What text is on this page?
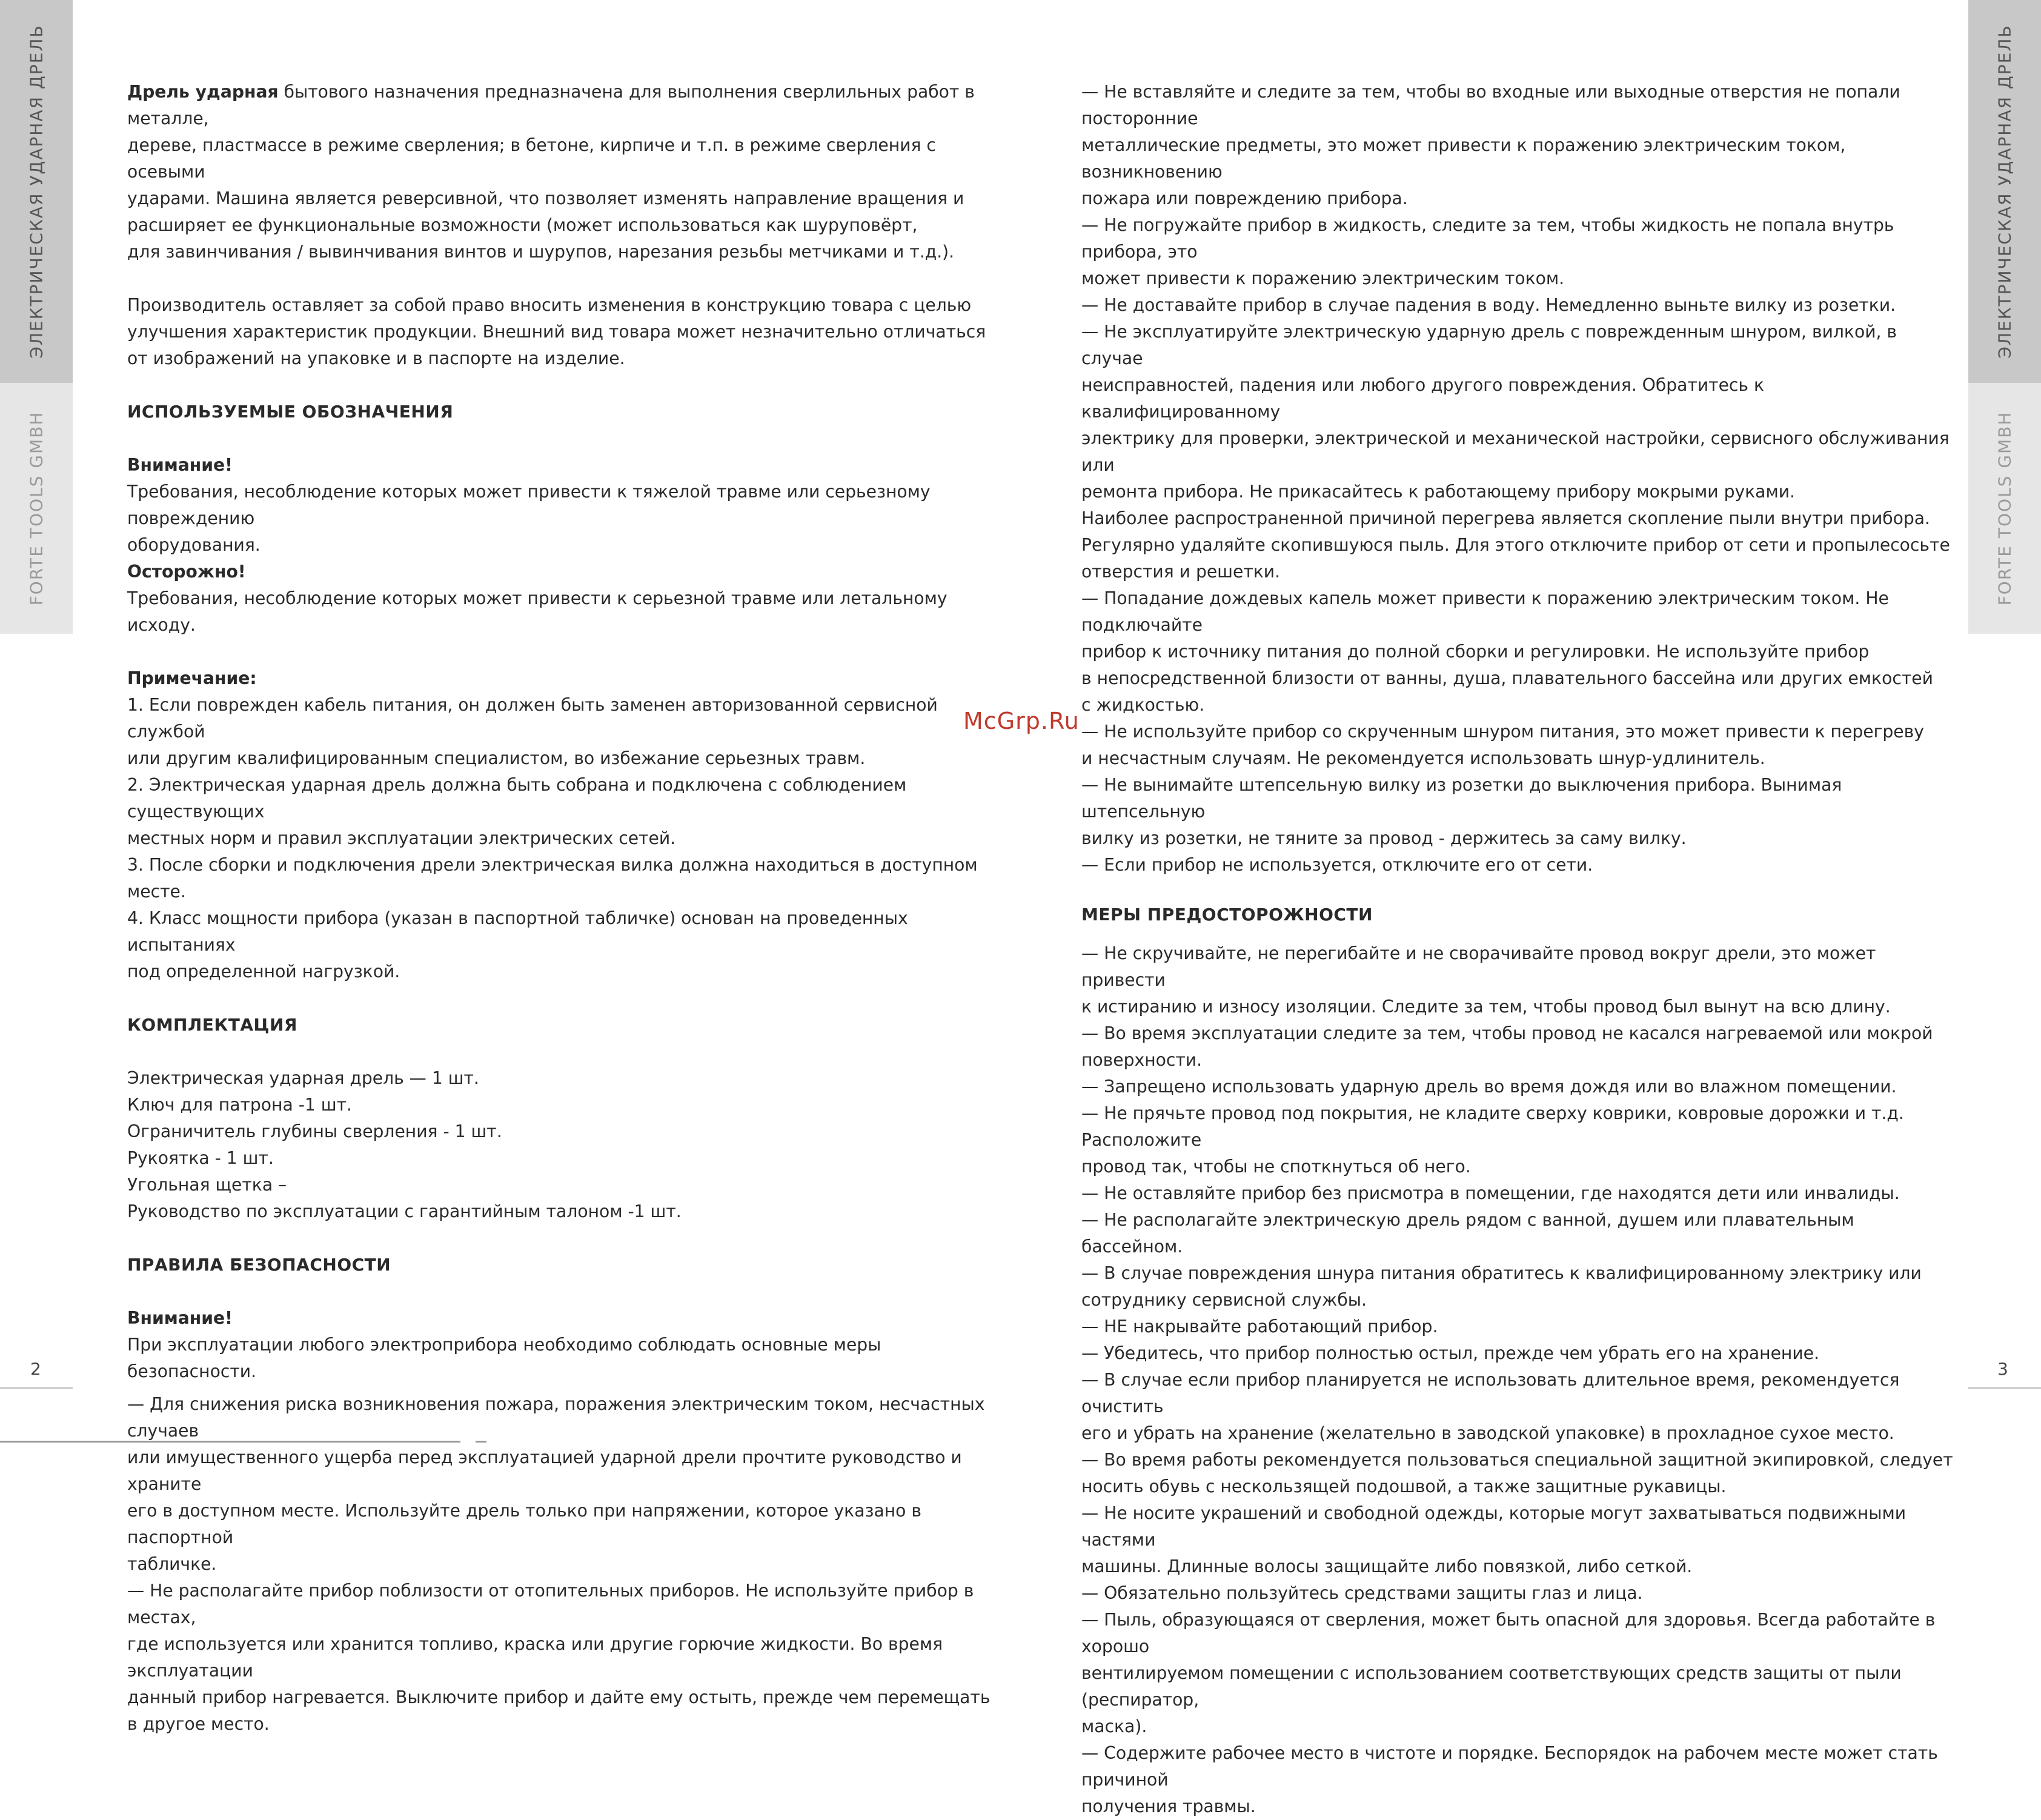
ЭЛЕКТРИЧЕСКАЯ УДАРНАЯ ДРЕЛЬ
FORTE TOOLS GMBH
ЭЛЕКТРИЧЕСКАЯ УДАРНАЯ ДРЕЛЬ
FORTE TOOLS GMBH

Дрель ударная бытового назначения предназначена для выполнения сверлильных работ в металле,

дереве, пластмассе в режиме сверления; в бетоне, кирпиче и т.п. в режиме сверления с осевыми

ударами. Машина является реверсивной, что позволяет изменять направление вращения и

расширяет ее функциональные возможности (может использоваться как шуруповёрт,

для завинчивания / вывинчивания винтов и шурупов, нарезания резьбы метчиками и т.д.).

Производитель оставляет за собой право вносить изменения в конструкцию товара с целью

улучшения характеристик продукции. Внешний вид товара может незначительно отличаться

от изображений на упаковке и в паспорте на изделие.

ИСПОЛЬЗУЕМЫЕ ОБОЗНАЧЕНИЯ

Внимание!

Требования, несоблюдение которых может привести к тяжелой травме или серьезному повреждению

оборудования.

Осторожно!

Требования, несоблюдение которых может привести к серьезной травме или летальному исходу.

Примечание:

1. Если поврежден кабель питания, он должен быть заменен авторизованной сервисной службой

или другим квалифицированным специалистом, во избежание серьезных травм.

2. Электрическая ударная дрель должна быть собрана и подключена с соблюдением существующих

местных норм и правил эксплуатации электрических сетей.

3. После сборки и подключения дрели электрическая вилка должна находиться в доступном месте.

4. Класс мощности прибора (указан в паспортной табличке) основан на проведенных испытаниях

под определенной нагрузкой.

КОМПЛЕКТАЦИЯ

Электрическая ударная дрель — 1 шт.

Ключ для патрона -1 шт.

Ограничитель глубины сверления - 1 шт.

Рукоятка - 1 шт.

Угольная щетка –

Руководство по эксплуатации с гарантийным талоном -1 шт.

ПРАВИЛА БЕЗОПАСНОСТИ

Внимание!

При эксплуатации любого электроприбора необходимо соблюдать основные меры безопасности.

— Для снижения риска возникновения пожара, поражения электрическим током, несчастных случаев

или имущественного ущерба перед эксплуатацией ударной дрели прочтите руководство и храните

его в доступном месте. Используйте дрель только при напряжении, которое указано в паспортной

табличке.

— Не располагайте прибор поблизости от отопительных приборов. Не используйте прибор в местах,

где используется или хранится топливо, краска или другие горючие жидкости. Во время эксплуатации

данный прибор нагревается. Выключите прибор и дайте ему остыть, прежде чем перемещать

в другое место.

— Не вставляйте и следите за тем, чтобы во входные или выходные отверстия не попали посторонние

металлические предметы, это может привести к поражению электрическим током, возникновению

пожара или повреждению прибора.

— Не погружайте прибор в жидкость, следите за тем, чтобы жидкость не попала внутрь прибора, это

может привести к поражению электрическим током.

— Не доставайте прибор в случае падения в воду. Немедленно выньте вилку из розетки.

— Не эксплуатируйте электрическую ударную дрель с поврежденным шнуром, вилкой, в случае

неисправностей, падения или любого другого повреждения. Обратитесь к квалифицированному

электрику для проверки, электрической и механической настройки, сервисного обслуживания или

ремонта прибора. Не прикасайтесь к работающему прибору мокрыми руками.

Наиболее распространенной причиной перегрева является скопление пыли внутри прибора.

Регулярно удаляйте скопившуюся пыль. Для этого отключите прибор от сети и пропылесосьте

отверстия и решетки.

— Попадание дождевых капель может привести к поражению электрическим током. Не подключайте

прибор к источнику питания до полной сборки и регулировки. Не используйте прибор

в непосредственной близости от ванны, душа, плавательного бассейна или других емкостей

с жидкостью.

— Не используйте прибор со скрученным шнуром питания, это может привести к перегреву

и несчастным случаям. Не рекомендуется использовать шнур-удлинитель.

— Не вынимайте штепсельную вилку из розетки до выключения прибора. Вынимая штепсельную

вилку из розетки, не тяните за провод - держитесь за саму вилку.

— Если прибор не используется, отключите его от сети.

МЕРЫ ПРЕДОСТОРОЖНОСТИ

— Не скручивайте, не перегибайте и не сворачивайте провод вокруг дрели, это может привести

к истиранию и износу изоляции. Следите за тем, чтобы провод был вынут на всю длину.

— Во время эксплуатации следите за тем, чтобы провод не касался нагреваемой или мокрой поверхности.

— Запрещено использовать ударную дрель во время дождя или во влажном помещении.

— Не прячьте провод под покрытия, не кладите сверху коврики, ковровые дорожки и т.д. Расположите

провод так, чтобы не споткнуться об него.

— Не оставляйте прибор без присмотра в помещении, где находятся дети или инвалиды.

— Не располагайте электрическую дрель рядом с ванной, душем или плавательным бассейном.

— В случае повреждения шнура питания обратитесь к квалифицированному электрику или

сотруднику сервисной службы.

— НЕ накрывайте работающий прибор.

— Убедитесь, что прибор полностью остыл, прежде чем убрать его на хранение.

— В случае если прибор планируется не использовать длительное время, рекомендуется очистить

его и убрать на хранение (желательно в заводской упаковке) в прохладное сухое место.

— Во время работы рекомендуется пользоваться специальной защитной экипировкой, следует

носить обувь с нескользящей подошвой, а также защитные рукавицы.

— Не носите украшений и свободной одежды, которые могут захватываться подвижными частями

машины. Длинные волосы защищайте либо повязкой, либо сеткой.

— Обязательно пользуйтесь средствами защиты глаз и лица.

— Пыль, образующаяся от сверления, может быть опасной для здоровья. Всегда работайте в хорошо

вентилируемом помещении с использованием соответствующих средств защиты от пыли (респиратор,

маска).

— Содержите рабочее место в чистоте и порядке. Беспорядок на рабочем месте может стать причиной

получения травмы.

McGrp.Ru
2	3
